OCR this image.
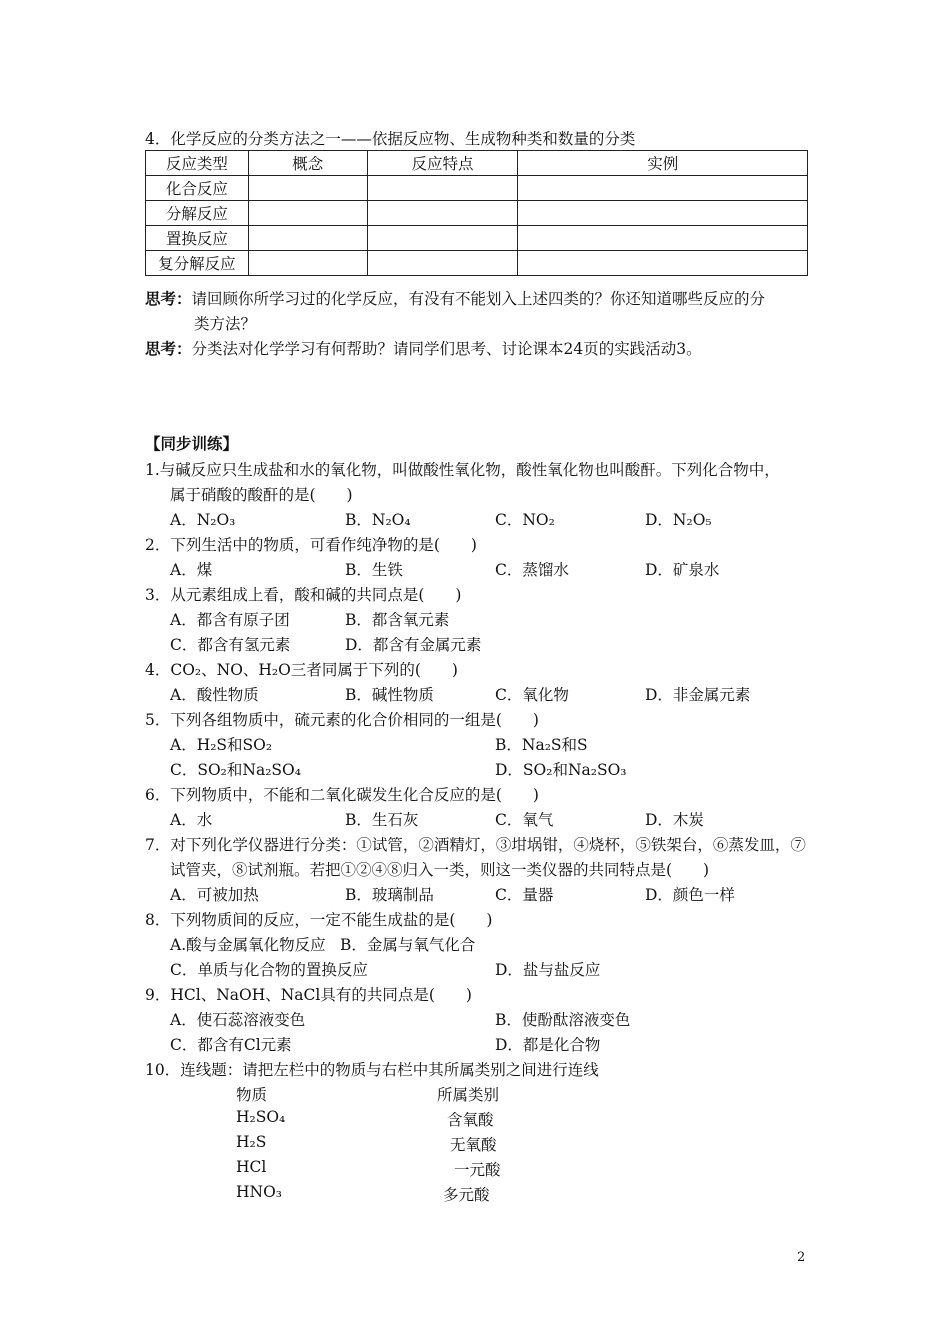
4．化学反应的分类方法之一——依据反应物、生成物种类和数量的分类
反应类型	概念	反应特点	实例
化合反应			
分解反应			
置换反应			
复分解反应			
思考：请回顾你所学习过的化学反应，有没有不能划入上述四类的？你还知道哪些反应的分
类方法？
思考：分类法对化学学习有何帮助？请同学们思考、讨论课本24页的实践活动3。
【同步训练】
1.与碱反应只生成盐和水的氧化物，叫做酸性氧化物，酸性氧化物也叫酸酐。下列化合物中，
属于硝酸的酸酐的是(　　)
A．N₂O₃	B．N₂O₄	C．NO₂	D．N₂O₅
2．下列生活中的物质，可看作纯净物的是(　　)
A．煤	B．生铁	C．蒸馏水	D．矿泉水
3．从元素组成上看，酸和碱的共同点是(　　)
A．都含有原子团	B．都含氧元素
C．都含有氢元素	D．都含有金属元素
4．CO₂、NO、H₂O三者同属于下列的(　　)
A．酸性物质	B．碱性物质	C．氧化物	D．非金属元素
5．下列各组物质中，硫元素的化合价相同的一组是(　　)
A．H₂S和SO₂	B．Na₂S和S
C．SO₂和Na₂SO₄	D．SO₂和Na₂SO₃
6．下列物质中，不能和二氧化碳发生化合反应的是(　　)
A．水	B．生石灰	C．氧气	D．木炭
7．对下列化学仪器进行分类：①试管，②酒精灯，③坩埚钳，④烧杯，⑤铁架台，⑥蒸发皿，⑦
试管夹，⑧试剂瓶。若把①②④⑧归入一类，则这一类仪器的共同特点是(　　)
A．可被加热	B．玻璃制品	C．量器	D．颜色一样
8．下列物质间的反应，一定不能生成盐的是(　　)
A.酸与金属氧化物反应 B．金属与氧气化合
C．单质与化合物的置换反应	D．盐与盐反应
9．HCl、NaOH、NaCl具有的共同点是(　　)
A．使石蕊溶液变色	B．使酚酞溶液变色
C．都含有Cl元素	D．都是化合物
10．连线题：请把左栏中的物质与右栏中其所属类别之间进行连线
物质	所属类别
H₂SO₄
H₂S
HCl
HNO₃
含氧酸
无氧酸
一元酸
多元酸
2
